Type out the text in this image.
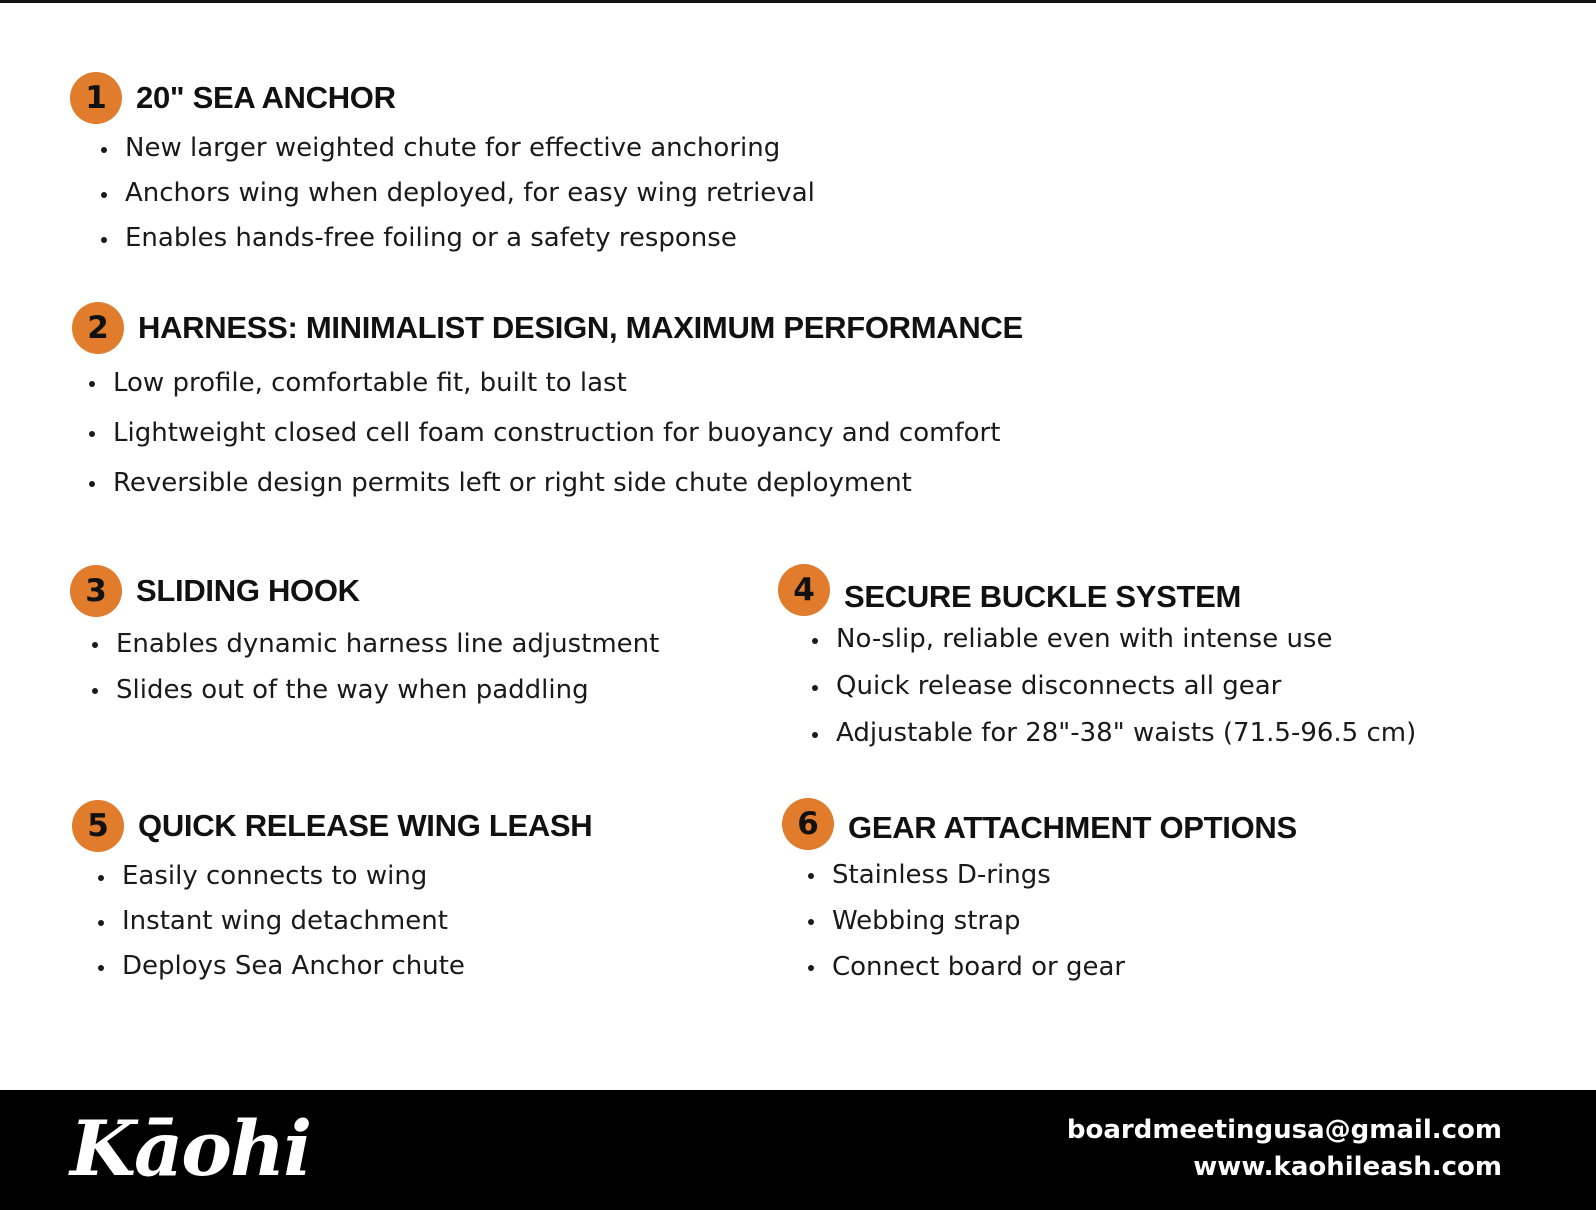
1 20" SEA ANCHOR
New larger weighted chute for effective anchoring
Anchors wing when deployed, for easy wing retrieval
Enables hands-free foiling or a safety response
2 HARNESS: MINIMALIST DESIGN, MAXIMUM PERFORMANCE
Low profile, comfortable fit, built to last
Lightweight closed cell foam construction for buoyancy and comfort
Reversible design permits left or right side chute deployment
3 SLIDING HOOK
Enables dynamic harness line adjustment
Slides out of the way when paddling
4 SECURE BUCKLE SYSTEM
No-slip, reliable even with intense use
Quick release disconnects all gear
Adjustable for 28"-38" waists (71.5-96.5 cm)
5 QUICK RELEASE WING LEASH
Easily connects to wing
Instant wing detachment
Deploys Sea Anchor chute
6 GEAR ATTACHMENT OPTIONS
Stainless D-rings
Webbing strap
Connect board or gear
Kāohi	boardmeetingusa@gmail.com
www.kaohileash.com
